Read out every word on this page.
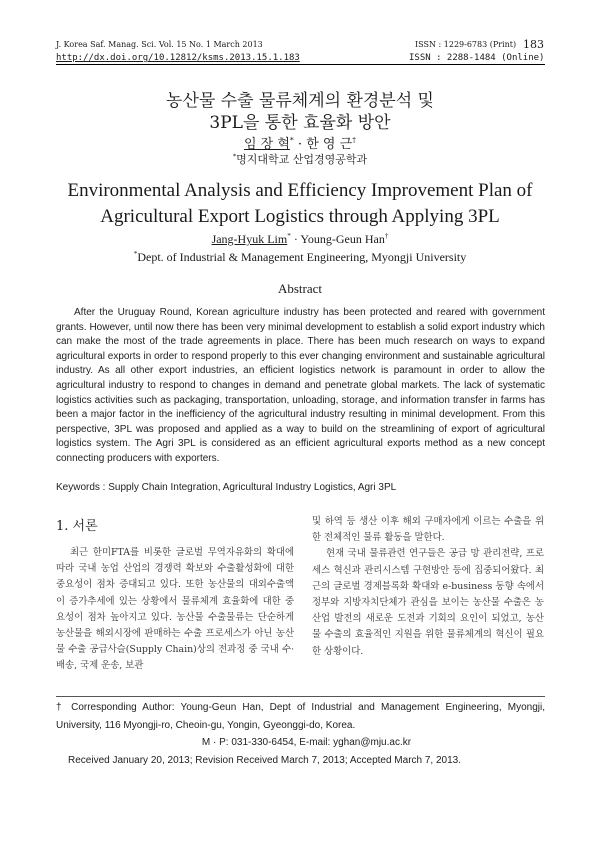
J. Korea Saf. Manag. Sci. Vol. 15 No. 1 March 2013	ISSN : 1229-6783 (Print) 183
http://dx.doi.org/10.12812/ksms.2013.15.1.183	ISSN : 2288-1484 (Online)
농산물 수출 물류체계의 환경분석 및
3PL을 통한 효율화 방안
임 장 혁* · 한 영 근†
*명지대학교 산업경영공학과
Environmental Analysis and Efficiency Improvement Plan of
Agricultural Export Logistics through Applying 3PL
Jang-Hyuk Lim* · Young-Geun Han†
*Dept. of Industrial & Management Engineering, Myongji University
Abstract
After the Uruguay Round, Korean agriculture industry has been protected and reared with government grants. However, until now there has been very minimal development to establish a solid export industry which can make the most of the trade agreements in place. There has been much research on ways to expand agricultural exports in order to respond properly to this ever changing environment and sustainable agricultural industry. As all other export industries, an efficient logistics network is paramount in order to allow the agricultural industry to respond to changes in demand and penetrate global markets. The lack of systematic logistics activities such as packaging, transportation, unloading, storage, and information transfer in farms has been a major factor in the inefficiency of the agricultural industry resulting in minimal development. From this perspective, 3PL was proposed and applied as a way to build on the streamlining of export of agricultural logistics system. The Agri 3PL is considered as an efficient agricultural exports method as a new concept connecting producers with exporters.
Keywords : Supply Chain Integration, Agricultural Industry Logistics, Agri 3PL
1. 서론

최근 한미FTA를 비롯한 글로벌 무역자유화의 확대에 따라 국내 농업 산업의 경쟁력 확보와 수출활성화에 대한 중요성이 점차 증대되고 있다. 또한 농산물의 대외수출액이 증가추세에 있는 상황에서 물류체계 효율화에 대한 중요성이 점차 높아지고 있다. 농산물 수출물류는 단순하게 농산물을 해외시장에 판매하는 수출 프로세스가 아닌 농산물 수출 공급사슬(Supply Chain)상의 전과정 중 국내 수·배송, 국제 운송, 보관

및 하역 등 생산 이후 해외 구매자에게 이르는 수출을 위한 전체적인 물류 활동을 말한다.

현재 국내 물류관련 연구들은 공급 망 관리전략, 프로세스 혁신과 관리시스템 구현방안 등에 집중되어왔다. 최근의 글로벌 경제블록화 확대와 e-business 동향 속에서 정부와 지방자치단체가 관심을 보이는 농산물 수출은 농산업 발전의 새로운 도전과 기회의 요인이 되었고, 농산물 수출의 효율적인 지원을 위한 물류체계의 혁신이 필요한 상황이다.

† Corresponding Author: Young-Geun Han, Dept of Industrial and Management Engineering, Myongji, University, 116 Myongji-ro, Cheoin-gu, Yongin, Gyeonggi-do, Korea.
M · P: 031-330-6454, E-mail: yghan@mju.ac.kr
Received January 20, 2013; Revision Received March 7, 2013; Accepted March 7, 2013.
